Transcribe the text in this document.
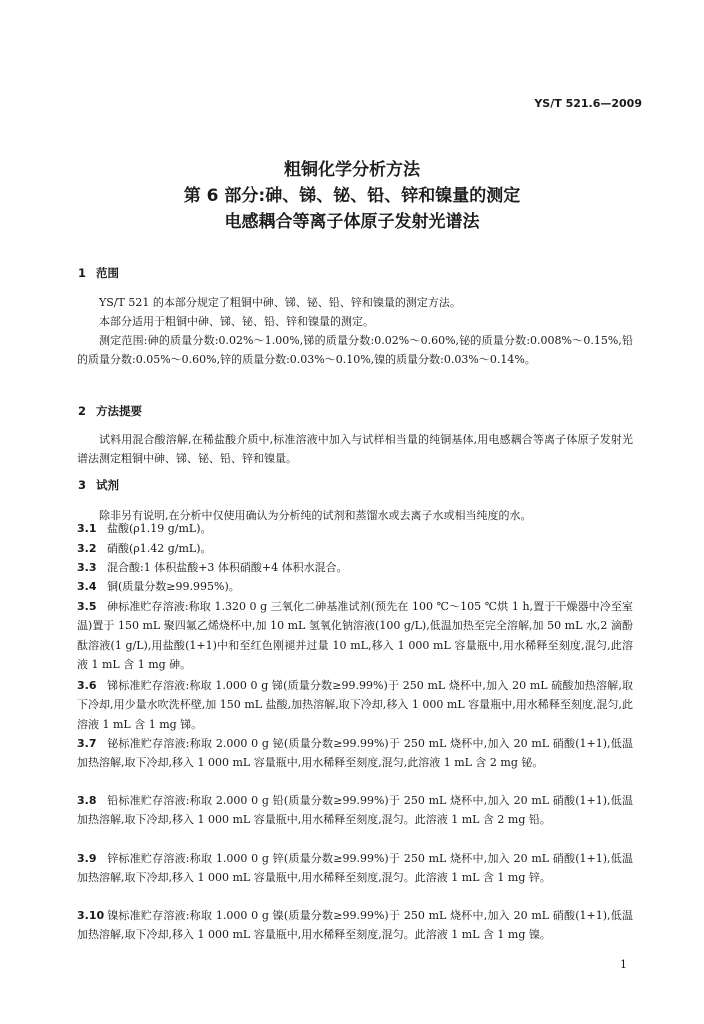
YS/T 521.6—2009
粗铜化学分析方法
第 6 部分:砷、锑、铋、铅、锌和镍量的测定
电感耦合等离子体原子发射光谱法
1 范围
YS/T 521 的本部分规定了粗铜中砷、锑、铋、铅、锌和镍量的测定方法。
本部分适用于粗铜中砷、锑、铋、铅、锌和镍量的测定。
测定范围:砷的质量分数:0.02%～1.00%,锑的质量分数:0.02%～0.60%,铋的质量分数:0.008%～0.15%,铅的质量分数:0.05%～0.60%,锌的质量分数:0.03%～0.10%,镍的质量分数:0.03%～0.14%。
2 方法提要
试料用混合酸溶解,在稀盐酸介质中,标准溶液中加入与试样相当量的纯铜基体,用电感耦合等离子体原子发射光谱法测定粗铜中砷、锑、铋、铅、锌和镍量。
3 试剂
除非另有说明,在分析中仅使用确认为分析纯的试剂和蒸馏水或去离子水或相当纯度的水。
3.1 盐酸(ρ1.19 g/mL)。
3.2 硝酸(ρ1.42 g/mL)。
3.3 混合酸:1 体积盐酸+3 体积硝酸+4 体积水混合。
3.4 铜(质量分数≥99.995%)。
3.5 砷标准贮存溶液:称取 1.320 0 g 三氧化二砷基准试剂(预先在 100 ℃～105 ℃烘 1 h,置于干燥器中冷至室温)置于 150 mL 聚四氟乙烯烧杯中,加 10 mL 氢氧化钠溶液(100 g/L),低温加热至完全溶解,加 50 mL 水,2 滴酚酞溶液(1 g/L),用盐酸(1+1)中和至红色刚褪并过量 10 mL,移入 1 000 mL 容量瓶中,用水稀释至刻度,混匀,此溶液 1 mL 含 1 mg 砷。
3.6 锑标准贮存溶液:称取 1.000 0 g 锑(质量分数≥99.99%)于 250 mL 烧杯中,加入 20 mL 硫酸加热溶解,取下冷却,用少量水吹洗杯壁,加 150 mL 盐酸,加热溶解,取下冷却,移入 1 000 mL 容量瓶中,用水稀释至刻度,混匀,此溶液 1 mL 含 1 mg 锑。
3.7 铋标准贮存溶液:称取 2.000 0 g 铋(质量分数≥99.99%)于 250 mL 烧杯中,加入 20 mL 硝酸(1+1),低温加热溶解,取下冷却,移入 1 000 mL 容量瓶中,用水稀释至刻度,混匀,此溶液 1 mL 含 2 mg 铋。
3.8 铅标准贮存溶液:称取 2.000 0 g 铅(质量分数≥99.99%)于 250 mL 烧杯中,加入 20 mL 硝酸(1+1),低温加热溶解,取下冷却,移入 1 000 mL 容量瓶中,用水稀释至刻度,混匀。此溶液 1 mL 含 2 mg 铅。
3.9 锌标准贮存溶液:称取 1.000 0 g 锌(质量分数≥99.99%)于 250 mL 烧杯中,加入 20 mL 硝酸(1+1),低温加热溶解,取下冷却,移入 1 000 mL 容量瓶中,用水稀释至刻度,混匀。此溶液 1 mL 含 1 mg 锌。
3.10 镍标准贮存溶液:称取 1.000 0 g 镍(质量分数≥99.99%)于 250 mL 烧杯中,加入 20 mL 硝酸(1+1),低温加热溶解,取下冷却,移入 1 000 mL 容量瓶中,用水稀释至刻度,混匀。此溶液 1 mL 含 1 mg 镍。
1
